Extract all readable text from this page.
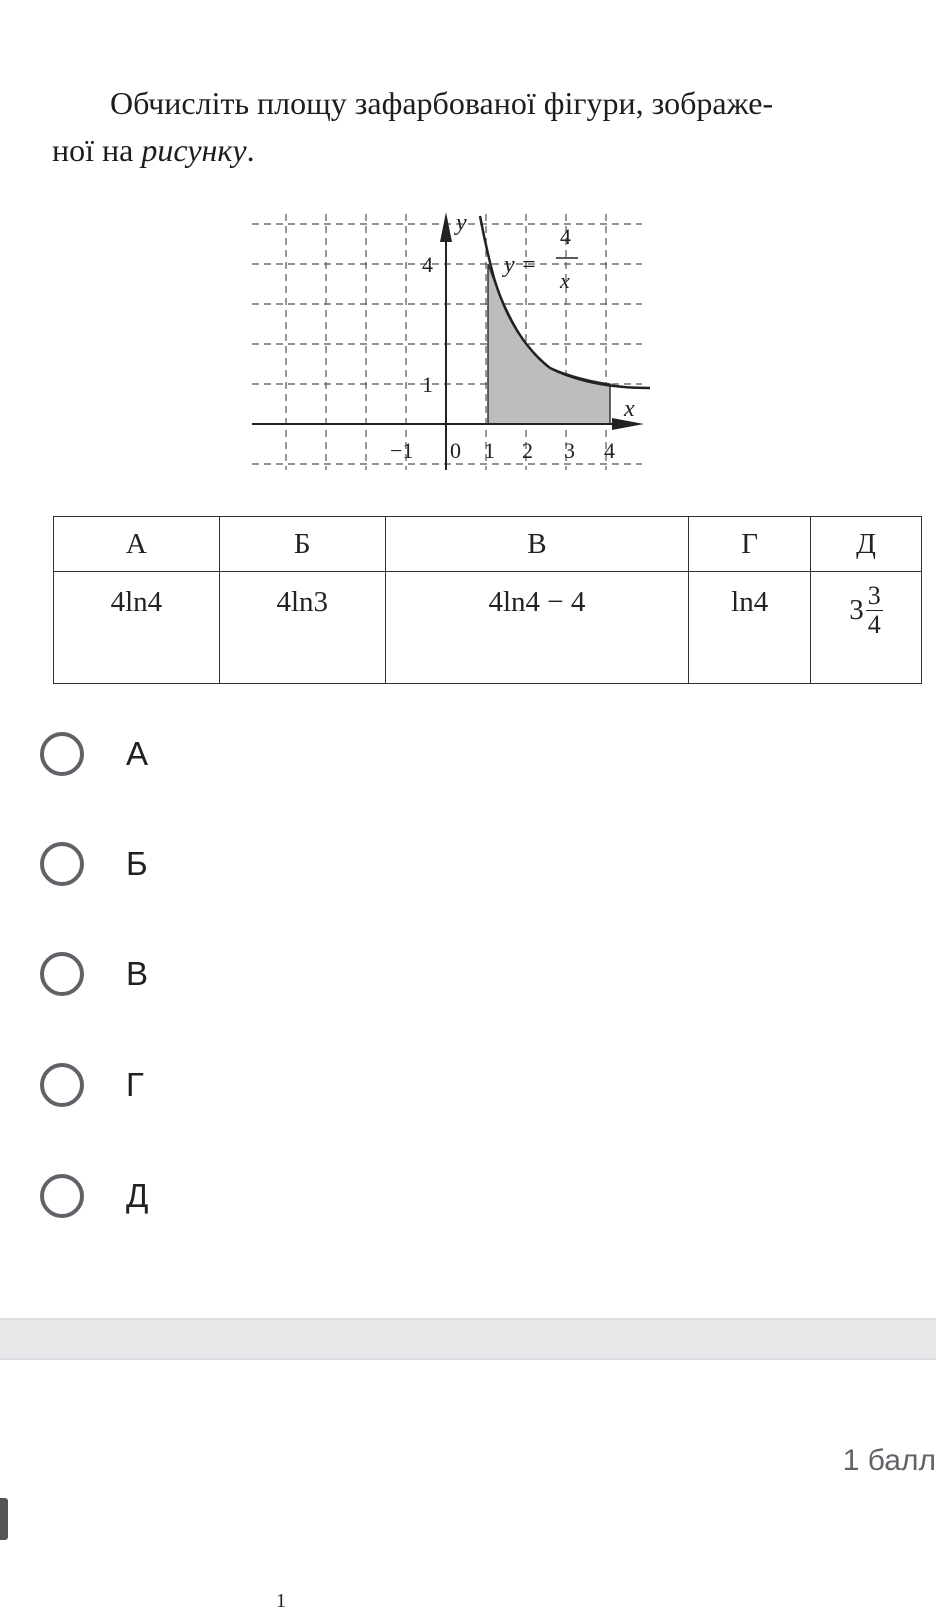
Обчисліть площу зафарбованої фігури, зображе-
ної на рисунку.
y
x
4
1
−1 0 1 2 3 4
y =
4
x
А	Б	В	Г	Д
4ln4	4ln3	4ln4 − 4	ln4	$3 \frac{3}{4}$
А
Б
В
Г
Д
1 балл
1
